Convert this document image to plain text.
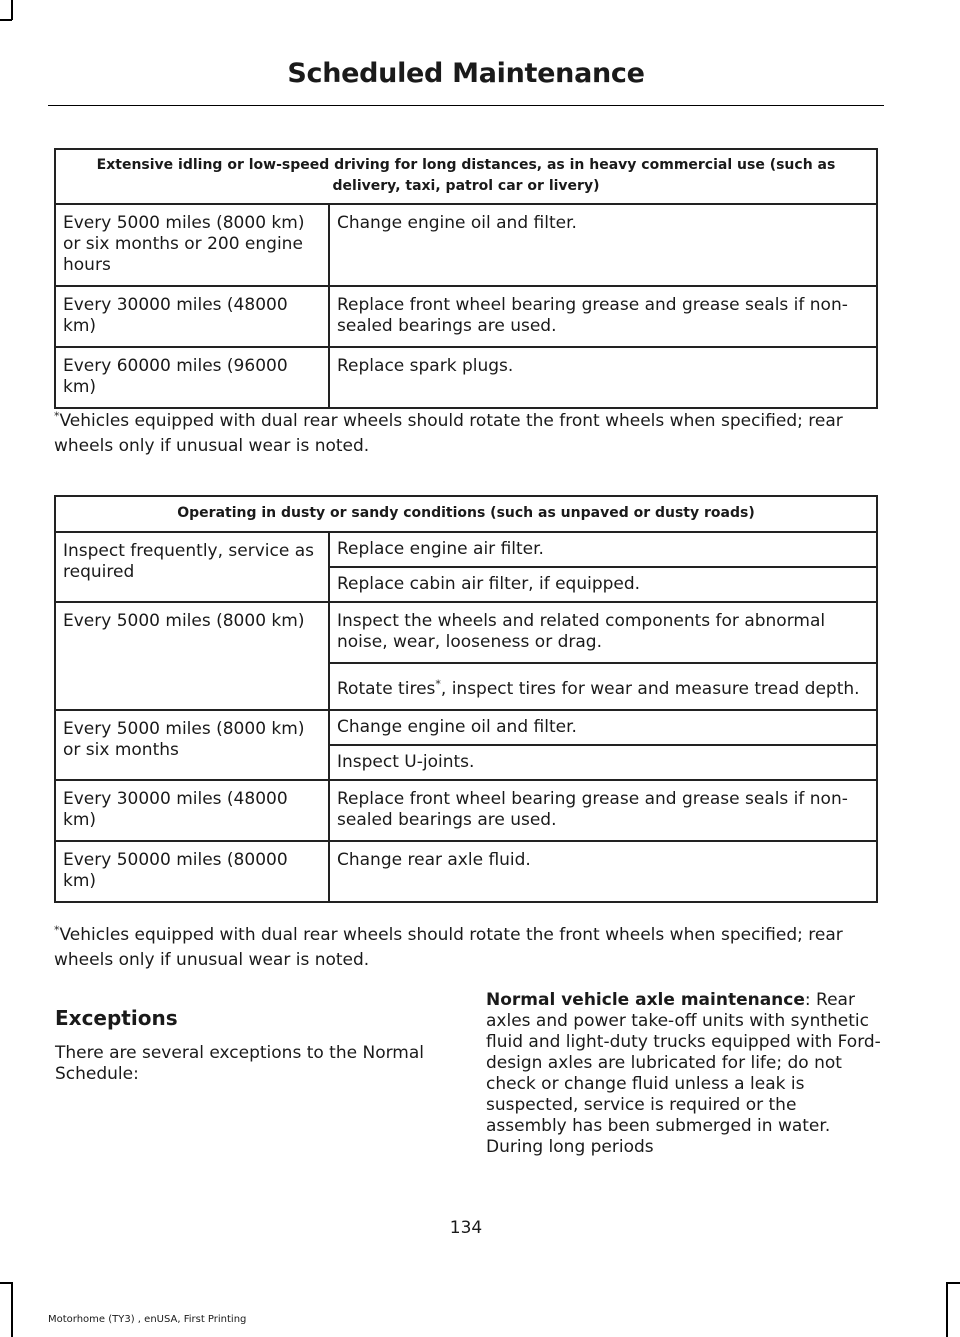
Scheduled Maintenance
Extensive idling or low-speed driving for long distances, as in heavy commercial use (such as delivery, taxi, patrol car or livery)	
Every 5000 miles (8000 km) or six months or 200 engine hours	Change engine oil and filter.
Every 30000 miles (48000 km)	Replace front wheel bearing grease and grease seals if non-sealed bearings are used.
Every 60000 miles (96000 km)	Replace spark plugs.
*Vehicles equipped with dual rear wheels should rotate the front wheels when specified; rear wheels only if unusual wear is noted.
Operating in dusty or sandy conditions (such as unpaved or dusty roads)	
Inspect frequently, service as required	Replace engine air filter.
	Replace cabin air filter, if equipped.
Every 5000 miles (8000 km)	Inspect the wheels and related components for abnormal noise, wear, looseness or drag.
	Rotate tires*, inspect tires for wear and measure tread depth.
Every 5000 miles (8000 km) or six months	Change engine oil and filter.
	Inspect U-joints.
Every 30000 miles (48000 km)	Replace front wheel bearing grease and grease seals if non-sealed bearings are used.
Every 50000 miles (80000 km)	Change rear axle fluid.
*Vehicles equipped with dual rear wheels should rotate the front wheels when specified; rear wheels only if unusual wear is noted.
Exceptions
There are several exceptions to the Normal Schedule:
Normal vehicle axle maintenance: Rear axles and power take-off units with synthetic fluid and light-duty trucks equipped with Ford-design axles are lubricated for life; do not check or change fluid unless a leak is suspected, service is required or the assembly has been submerged in water. During long periods
134
Motorhome (TY3) , enUSA, First Printing
